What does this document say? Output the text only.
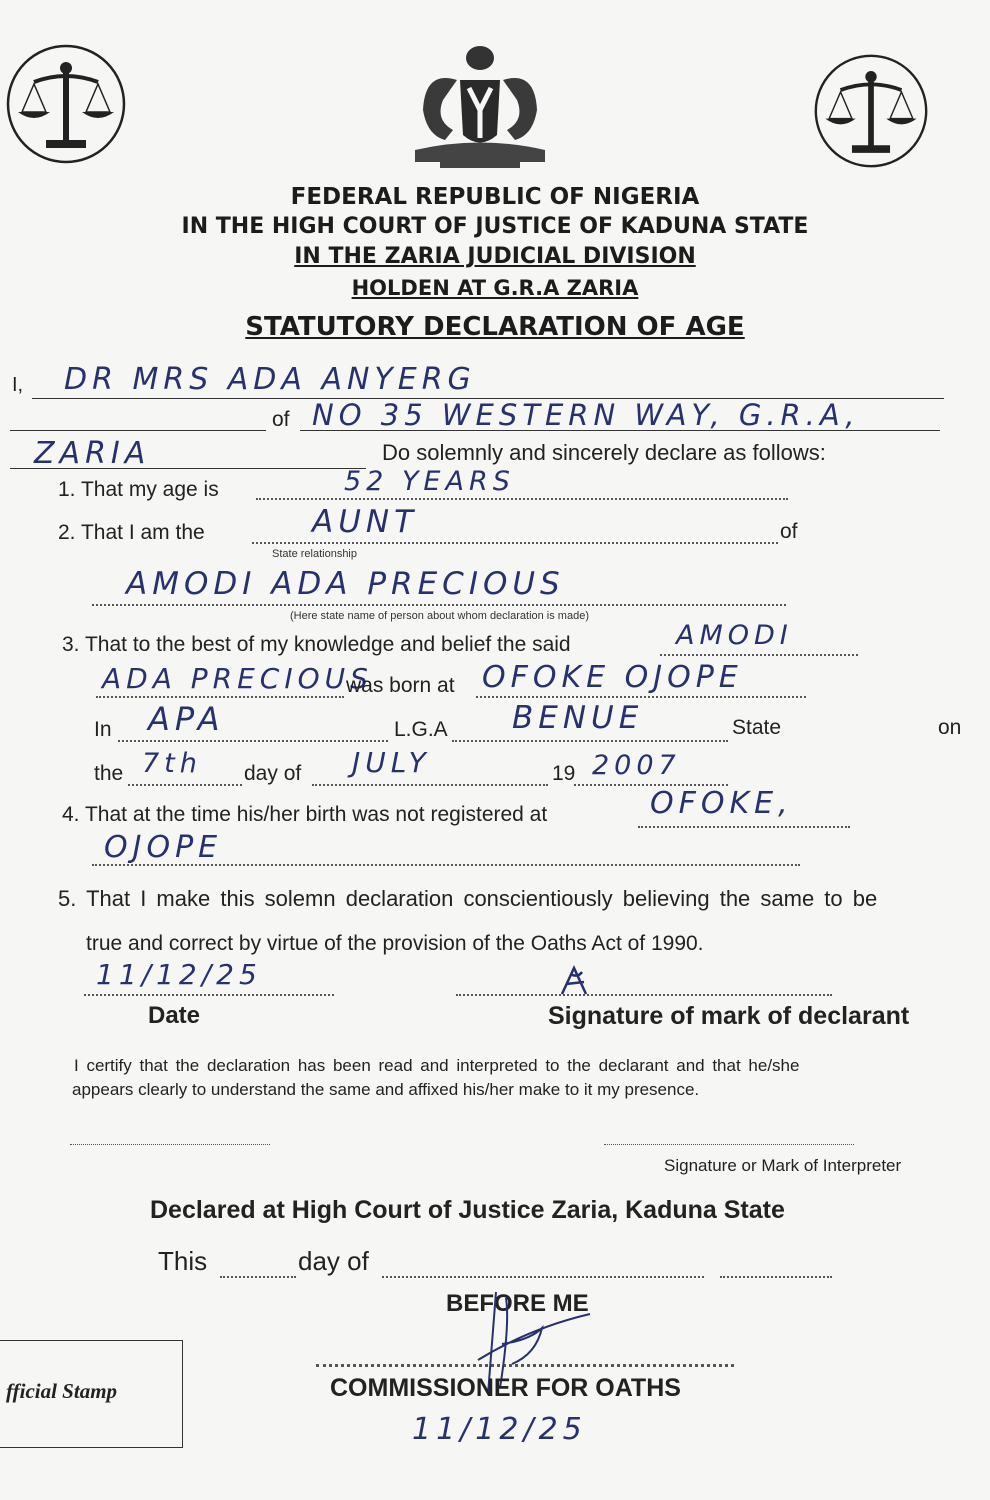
FEDERAL REPUBLIC OF NIGERIA
IN THE HIGH COURT OF JUSTICE OF KADUNA STATE
IN THE ZARIA JUDICIAL DIVISION
HOLDEN AT G.R.A ZARIA
STATUTORY DECLARATION OF AGE
I, DR MRS ADA ANYERG
of NO 35 WESTERN WAY, G.R.A,
ZARIA	Do solemnly and sincerely declare as follows:
1. That my age is	52 YEARS
2. That I am the	AUNT	of
State relationship
AMODI ADA PRECIOUS
(Here state name of person about whom declaration is made)
3. That to the best of my knowledge and belief the said	AMODI
ADA PRECIOUS
was born at OFOKE OJOPE
In APA	L.G.A BENUE	State	on
the 7th day of JULY	19 2007
4. That at the time his/her birth was not registered at	OFOKE,
OJOPE
5. That I make this solemn declaration conscientiously believing the same to be
true and correct by virtue of the provision of the Oaths Act of 1990.
11/12/25
Date	Signature of mark of declarant
I certify that the declaration has been read and interpreted to the declarant and that he/she
appears clearly to understand the same and affixed his/her make to it my presence.
Signature or Mark of Interpreter
Declared at High Court of Justice Zaria, Kaduna State
This	day of
BEFORE ME
COMMISSIONER FOR OATHS
11/12/25
fficial Stamp
